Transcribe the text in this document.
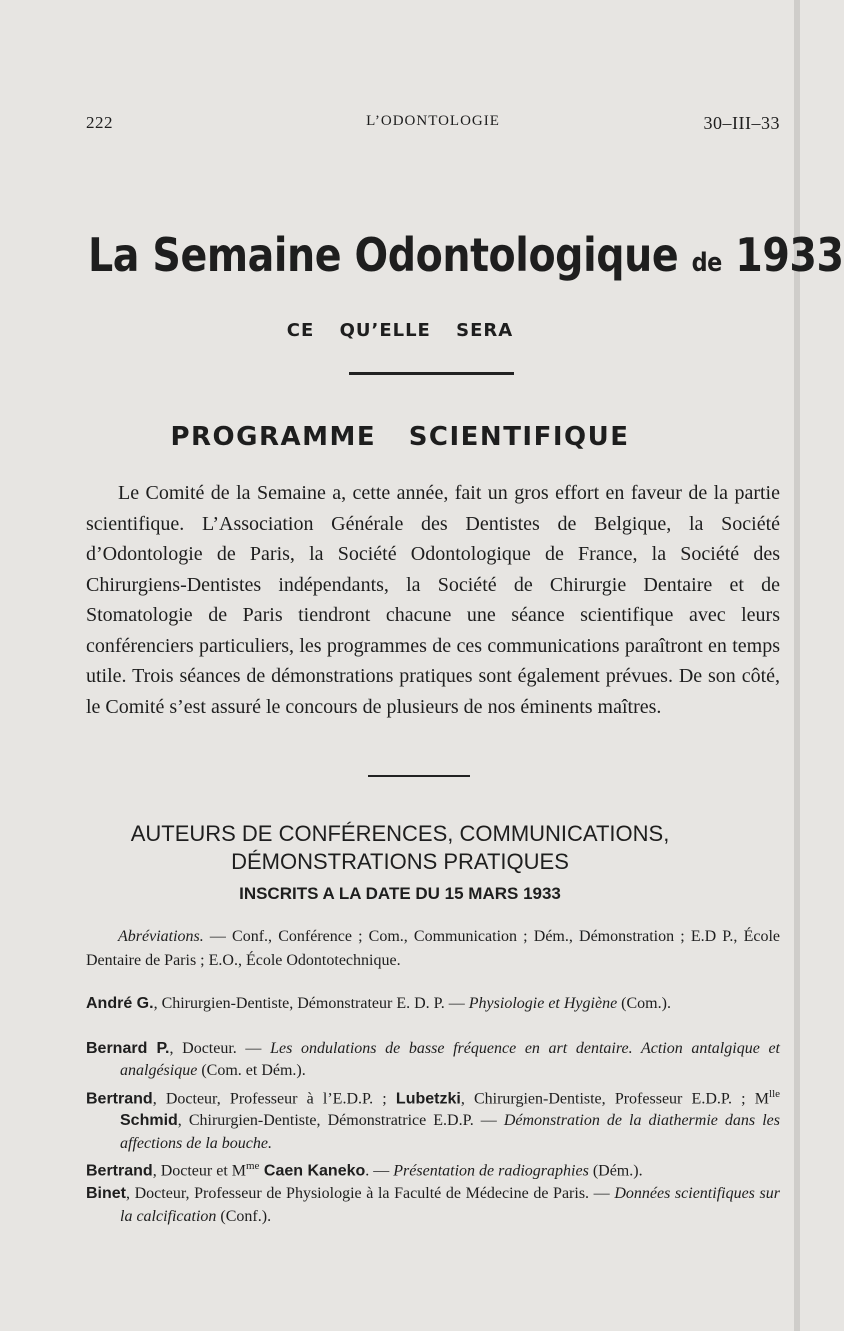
222	L’ODONTOLOGIE	30–III–33
La Semaine Odontologique de 1933
CE QU’ELLE SERA
PROGRAMME SCIENTIFIQUE

Le Comité de la Semaine a, cette année, fait un gros effort en faveur de la partie scientifique. L’Association Générale des Dentistes de Belgique, la Société d’Odontologie de Paris, la Société Odontologique de France, la Société des Chirurgiens-Dentistes indépendants, la Société de Chirurgie Dentaire et de Stomatologie de Paris tiendront chacune une séance scientifique avec leurs conférenciers particuliers, les programmes de ces communications paraîtront en temps utile. Trois séances de démonstrations pratiques sont également prévues. De son côté, le Comité s’est assuré le concours de plusieurs de nos éminents maîtres.

AUTEURS DE CONFÉRENCES, COMMUNICATIONS,
DÉMONSTRATIONS PRATIQUES
INSCRITS A LA DATE DU 15 MARS 1933

Abréviations. — Conf., Conférence ; Com., Communication ; Dém., Démonstration ; E.D P., École Dentaire de Paris ; E.O., École Odontotechnique.

André G., Chirurgien-Dentiste, Démonstrateur E. D. P. — Physiologie et Hygiène (Com.).

Bernard P., Docteur. — Les ondulations de basse fréquence en art dentaire. Action antalgique et analgésique (Com. et Dém.).

Bertrand, Docteur, Professeur à l’E.D.P. ; Lubetzki, Chirurgien-Dentiste, Professeur E.D.P. ; $M^{lle}$ Schmid, Chirurgien-Dentiste, Démonstratrice E.D.P. — Démonstration de la diathermie dans les affections de la bouche.

Bertrand, Docteur et $M^{me}$ Caen Kaneko. — Présentation de radiographies (Dém.).

Binet, Docteur, Professeur de Physiologie à la Faculté de Médecine de Paris. — Données scientifiques sur la calcification (Conf.).
